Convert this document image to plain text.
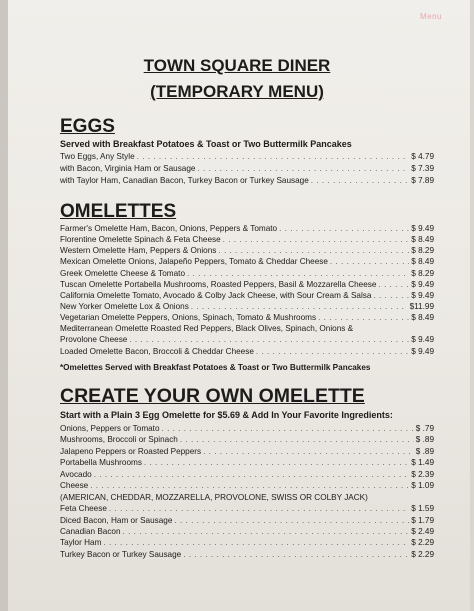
Menu
TOWN SQUARE DINER
(TEMPORARY MENU)
EGGS
Served with Breakfast Potatoes & Toast or Two Buttermilk Pancakes
Two Eggs, Any Style . . .	$ 4.79
with Bacon, Virginia Ham or Sausage . . .	$ 7.39
with Taylor Ham, Canadian Bacon, Turkey Bacon or Turkey Sausage . . .	$ 7.89
OMELETTES
Farmer's Omelette Ham, Bacon, Onions, Peppers & Tomato . . .	$ 9.49
Florentine Omelette Spinach & Feta Cheese . . .	$ 8.49
Western Omelette Ham, Peppers & Onions . . .	$ 8.29
Mexican Omelette Onions, Jalapeño Peppers, Tomato & Cheddar Cheese . . .	$ 8.49
Greek Omelette Cheese & Tomato . . .	$ 8.29
Tuscan Omelette Portabella Mushrooms, Roasted Peppers, Basil & Mozzarella Cheese . . .	$ 9.49
California Omelette Tomato, Avocado & Colby Jack Cheese, with Sour Cream & Salsa . . .	$ 9.49
New Yorker Omelette Lox & Onions . . .	$11.99
Vegetarian Omelette Peppers, Onions, Spinach, Tomato & Mushrooms . . .	$ 8.49
Mediterranean Omelette Roasted Red Peppers, Black Olives, Spinach, Onions &
Provolone Cheese . . .	$ 9.49
Loaded Omelette Bacon, Broccoli & Cheddar Cheese . . .	$ 9.49
*Omelettes Served with Breakfast Potatoes & Toast or Two Buttermilk Pancakes
CREATE YOUR OWN OMELETTE
Start with a Plain 3 Egg Omelette for $5.69 & Add In Your Favorite Ingredients:
Onions, Peppers or Tomato . . .	$ .79
Mushrooms, Broccoli or Spinach . . .	$ .89
Jalapeno Peppers or Roasted Peppers . . .	$ .89
Portabella Mushrooms . . .	$ 1.49
Avocado . . .	$ 2.39
Cheese . . .	$ 1.09
(AMERICAN, CHEDDAR, MOZZARELLA, PROVOLONE, SWISS OR COLBY JACK)
Feta Cheese . . .	$ 1.59
Diced Bacon, Ham or Sausage . . .	$ 1.79
Canadian Bacon . . .	$ 2.49
Taylor Ham . . .	$ 2.29
Turkey Bacon or Turkey Sausage . . .	$ 2.29
